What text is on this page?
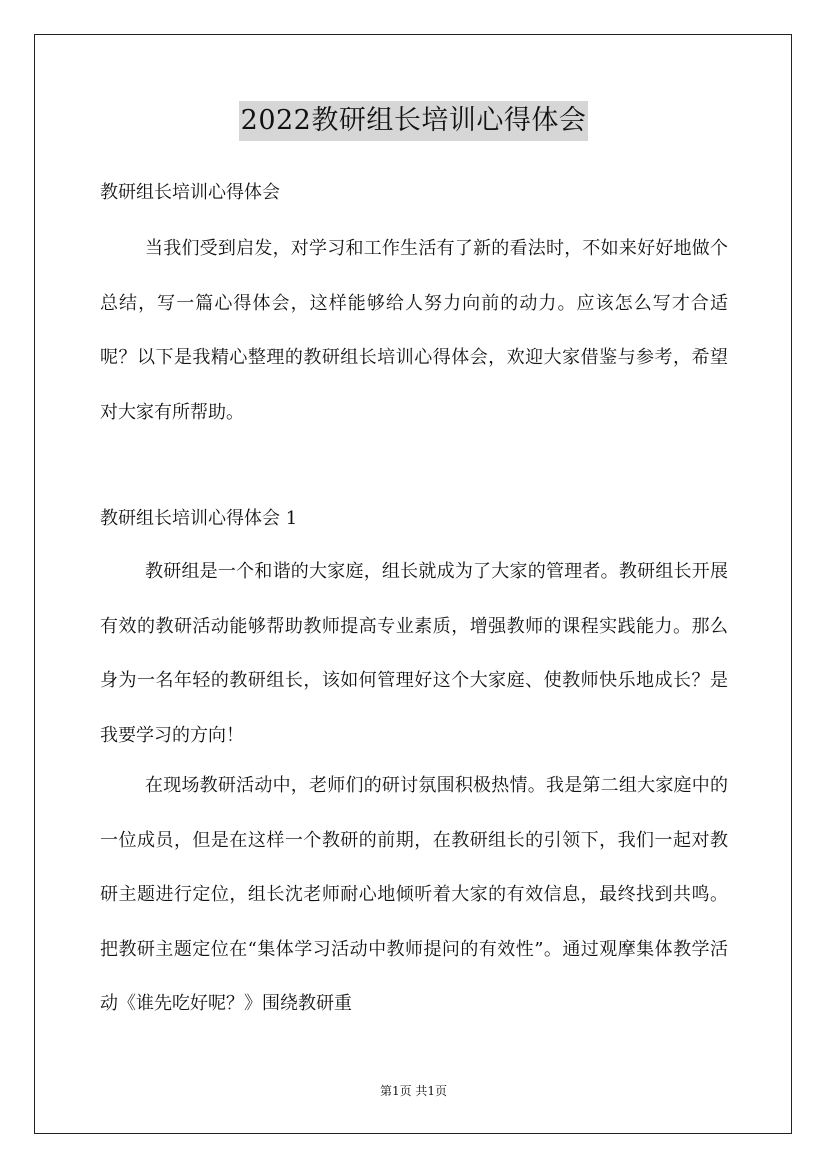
2022教研组长培训心得体会
教研组长培训心得体会
当我们受到启发，对学习和工作生活有了新的看法时，不如来好好地做个总结，写一篇心得体会，这样能够给人努力向前的动力。应该怎么写才合适呢？以下是我精心整理的教研组长培训心得体会，欢迎大家借鉴与参考，希望对大家有所帮助。
教研组长培训心得体会 1
教研组是一个和谐的大家庭，组长就成为了大家的管理者。教研组长开展有效的教研活动能够帮助教师提高专业素质，增强教师的课程实践能力。那么身为一名年轻的教研组长，该如何管理好这个大家庭、使教师快乐地成长？是我要学习的方向！
在现场教研活动中，老师们的研讨氛围积极热情。我是第二组大家庭中的一位成员，但是在这样一个教研的前期，在教研组长的引领下，我们一起对教研主题进行定位，组长沈老师耐心地倾听着大家的有效信息，最终找到共鸣。把教研主题定位在“集体学习活动中教师提问的有效性”。通过观摩集体教学活动《谁先吃好呢？》围绕教研重
第1页 共1页
